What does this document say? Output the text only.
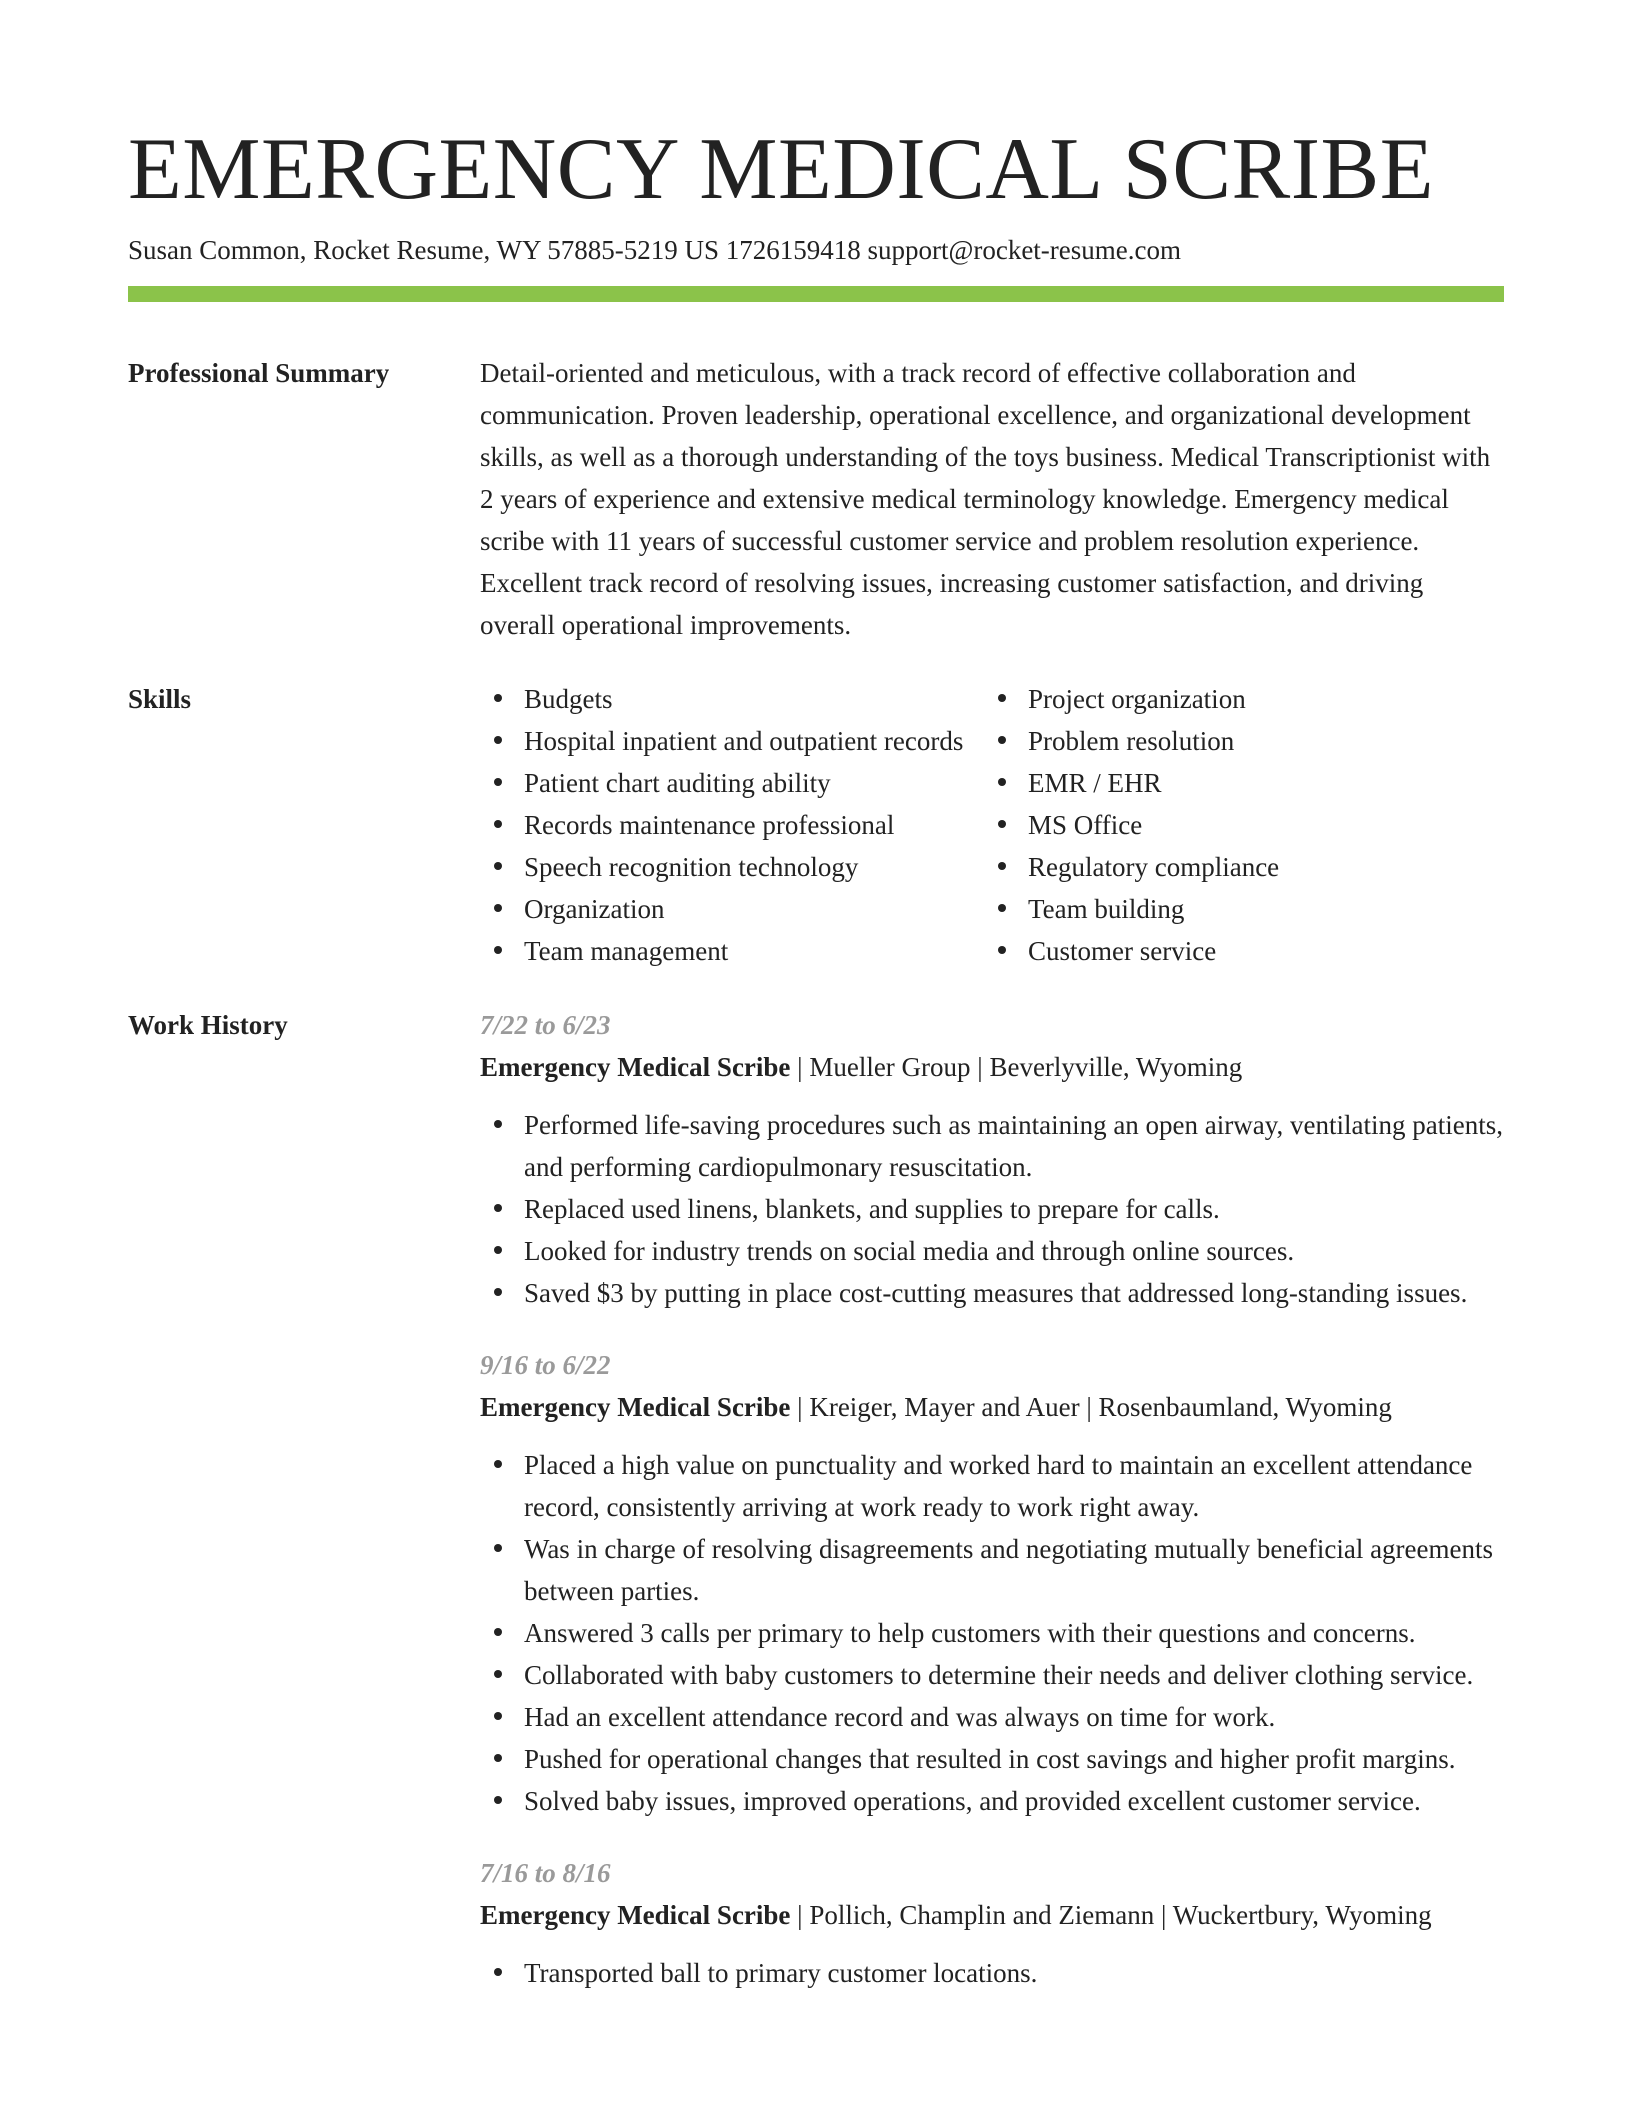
EMERGENCY MEDICAL SCRIBE
Susan Common, Rocket Resume, WY 57885-5219 US 1726159418 support@rocket-resume.com
Professional Summary	Detail-oriented and meticulous, with a track record of effective collaboration and communication. Proven leadership, operational excellence, and organizational development skills, as well as a thorough understanding of the toys business. Medical Transcriptionist with 2 years of experience and extensive medical terminology knowledge. Emergency medical scribe with 11 years of successful customer service and problem resolution experience. Excellent track record of resolving issues, increasing customer satisfaction, and driving overall operational improvements.
Skills	Budgets
Hospital inpatient and outpatient records
Patient chart auditing ability
Records maintenance professional
Speech recognition technology
Organization
Team management
Project organization
Problem resolution
EMR / EHR
MS Office
Regulatory compliance
Team building
Customer service
Work History	7/22 to 6/23
Emergency Medical Scribe | Mueller Group | Beverlyville, Wyoming
Performed life-saving procedures such as maintaining an open airway, ventilating patients, and performing cardiopulmonary resuscitation.
Replaced used linens, blankets, and supplies to prepare for calls.
Looked for industry trends on social media and through online sources.
Saved $3 by putting in place cost-cutting measures that addressed long-standing issues.
9/16 to 6/22
Emergency Medical Scribe | Kreiger, Mayer and Auer | Rosenbaumland, Wyoming
Placed a high value on punctuality and worked hard to maintain an excellent attendance record, consistently arriving at work ready to work right away.
Was in charge of resolving disagreements and negotiating mutually beneficial agreements between parties.
Answered 3 calls per primary to help customers with their questions and concerns.
Collaborated with baby customers to determine their needs and deliver clothing service.
Had an excellent attendance record and was always on time for work.
Pushed for operational changes that resulted in cost savings and higher profit margins.
Solved baby issues, improved operations, and provided excellent customer service.
7/16 to 8/16
Emergency Medical Scribe | Pollich, Champlin and Ziemann | Wuckertbury, Wyoming
Transported ball to primary customer locations.
